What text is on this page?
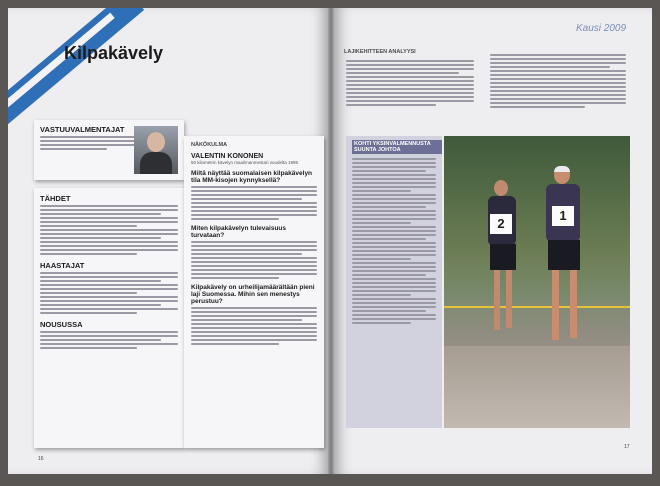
Kilpakävely
VASTUUVALMENTAJAT
TÄHDET
HAASTAJAT
NOUSUSSA
NÄKÖKULMA
VALENTIN KONONEN
50 kilometrin kävelyn maailmanmestari vuodelta 1995
Miltä näyttää suomalaisen kilpakävelyn tila MM-kisojen kynnyksellä?
Miten kilpakävelyn tulevaisuus turvataan?
Kilpakävely on urheilijamäärältään pieni laji Suomessa. Mihin sen menestys perustuu?
16
Kausi 2009
LAJIKEHITTEEN ANALYYSI
KOHTI YKSINVALMENNUSTA SUUNTA JOHTOA
2
1
17
